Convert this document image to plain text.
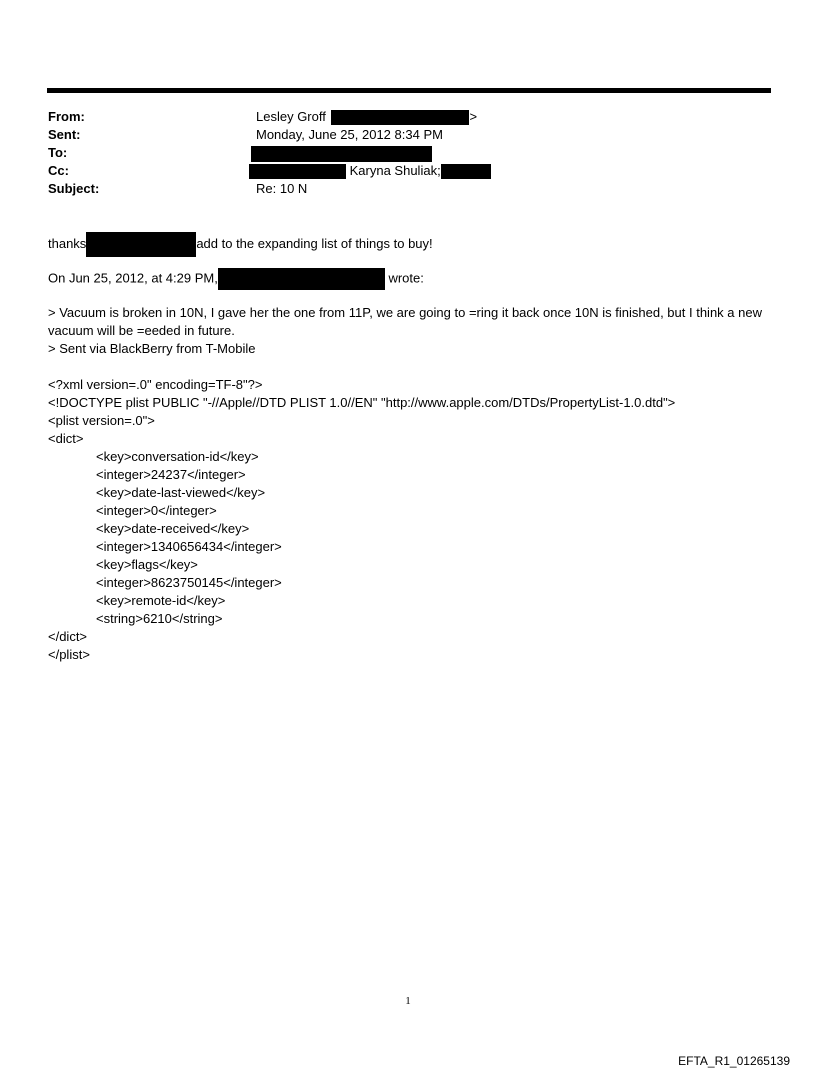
From:	Lesley Groff	>
Sent:	Monday, June 25, 2012 8:34 PM
To:
Cc:	Karyna Shuliak;
Subject:	Re: 10 N
thanks	add to the expanding list of things to buy!
On Jun 25, 2012, at 4:29 PM,	wrote:
> Vacuum is broken in 10N, I gave her the one from 11P, we are going to =ring it back once 10N is finished, but I think a new vacuum will be =eeded in future.
> Sent via BlackBerry from T-Mobile
<?xml version=.0" encoding=TF-8"?>
<!DOCTYPE plist PUBLIC "-//Apple//DTD PLIST 1.0//EN" "http://www.apple.com/DTDs/PropertyList-1.0.dtd">
<plist version=.0">
<dict>
<key>conversation-id</key>
<integer>24237</integer>
<key>date-last-viewed</key>
<integer>0</integer>
<key>date-received</key>
<integer>1340656434</integer>
<key>flags</key>
<integer>8623750145</integer>
<key>remote-id</key>
<string>6210</string>
</dict>
</plist>
1
EFTA_R1_01265139
